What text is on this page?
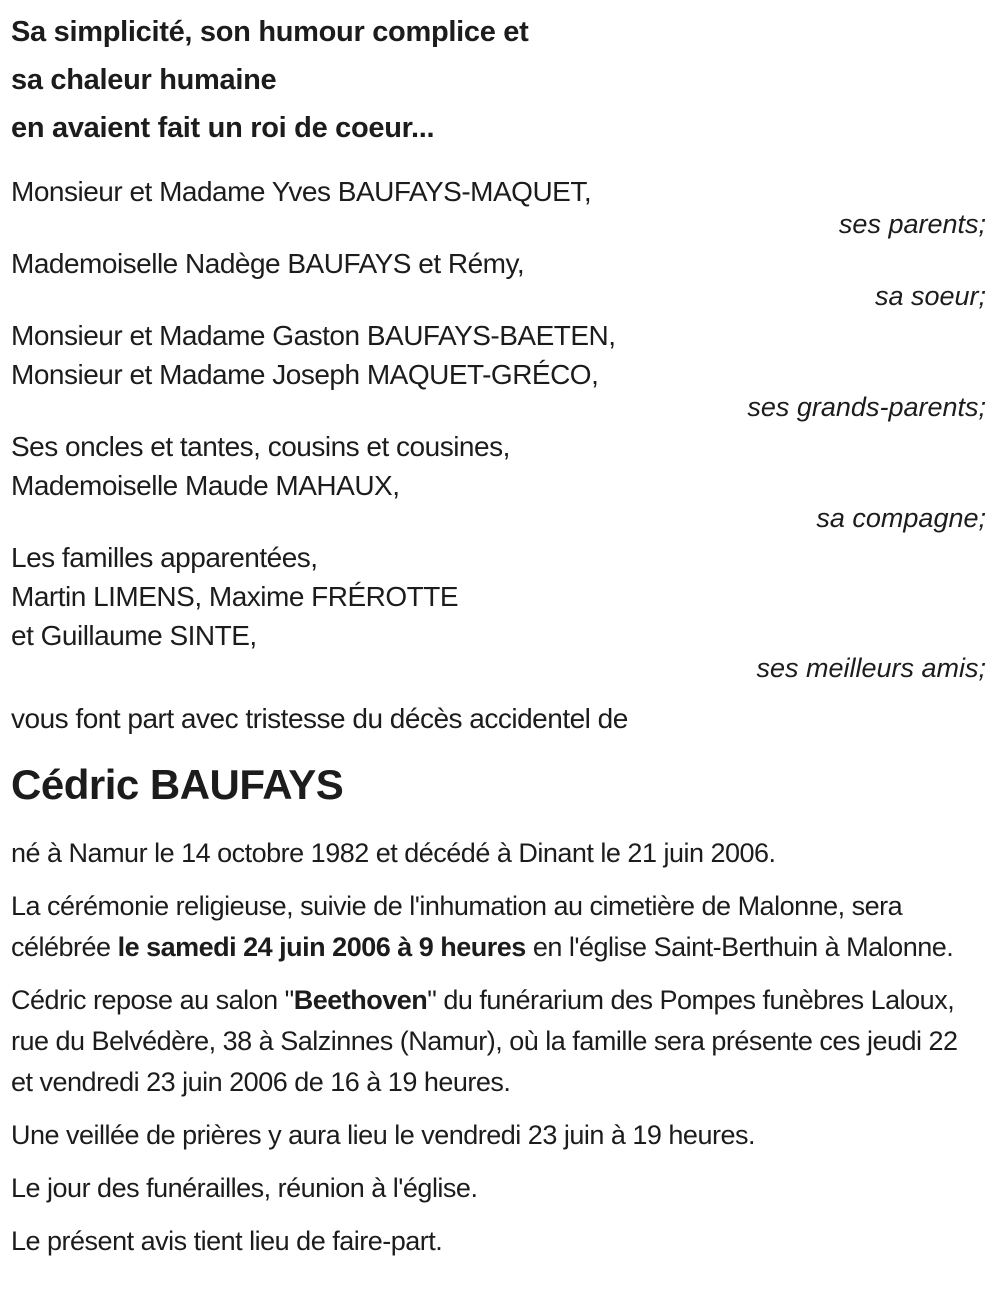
Sa simplicité, son humour complice et
sa chaleur humaine
en avaient fait un roi de coeur...
Monsieur et Madame Yves BAUFAYS-MAQUET,
ses parents;
Mademoiselle Nadège BAUFAYS et Rémy,
sa soeur;
Monsieur et Madame Gaston BAUFAYS-BAETEN,
Monsieur et Madame Joseph MAQUET-GRÉCO,
ses grands-parents;
Ses oncles et tantes, cousins et cousines,
Mademoiselle Maude MAHAUX,
sa compagne;
Les familles apparentées,
Martin LIMENS, Maxime FRÉROTTE
et Guillaume SINTE,
ses meilleurs amis;

vous font part avec tristesse du décès accidentel de

Cédric BAUFAYS

né à Namur le 14 octobre 1982 et décédé à Dinant le 21 juin 2006.

La cérémonie religieuse, suivie de l'inhumation au cimetière de Malonne, sera célébrée le samedi 24 juin 2006 à 9 heures en l'église Saint-Berthuin à Malonne.

Cédric repose au salon "Beethoven" du funérarium des Pompes funèbres Laloux, rue du Belvédère, 38 à Salzinnes (Namur), où la famille sera présente ces jeudi 22 et vendredi 23 juin 2006 de 16 à 19 heures.

Une veillée de prières y aura lieu le vendredi 23 juin à 19 heures.

Le jour des funérailles, réunion à l'église.

Le présent avis tient lieu de faire-part.
